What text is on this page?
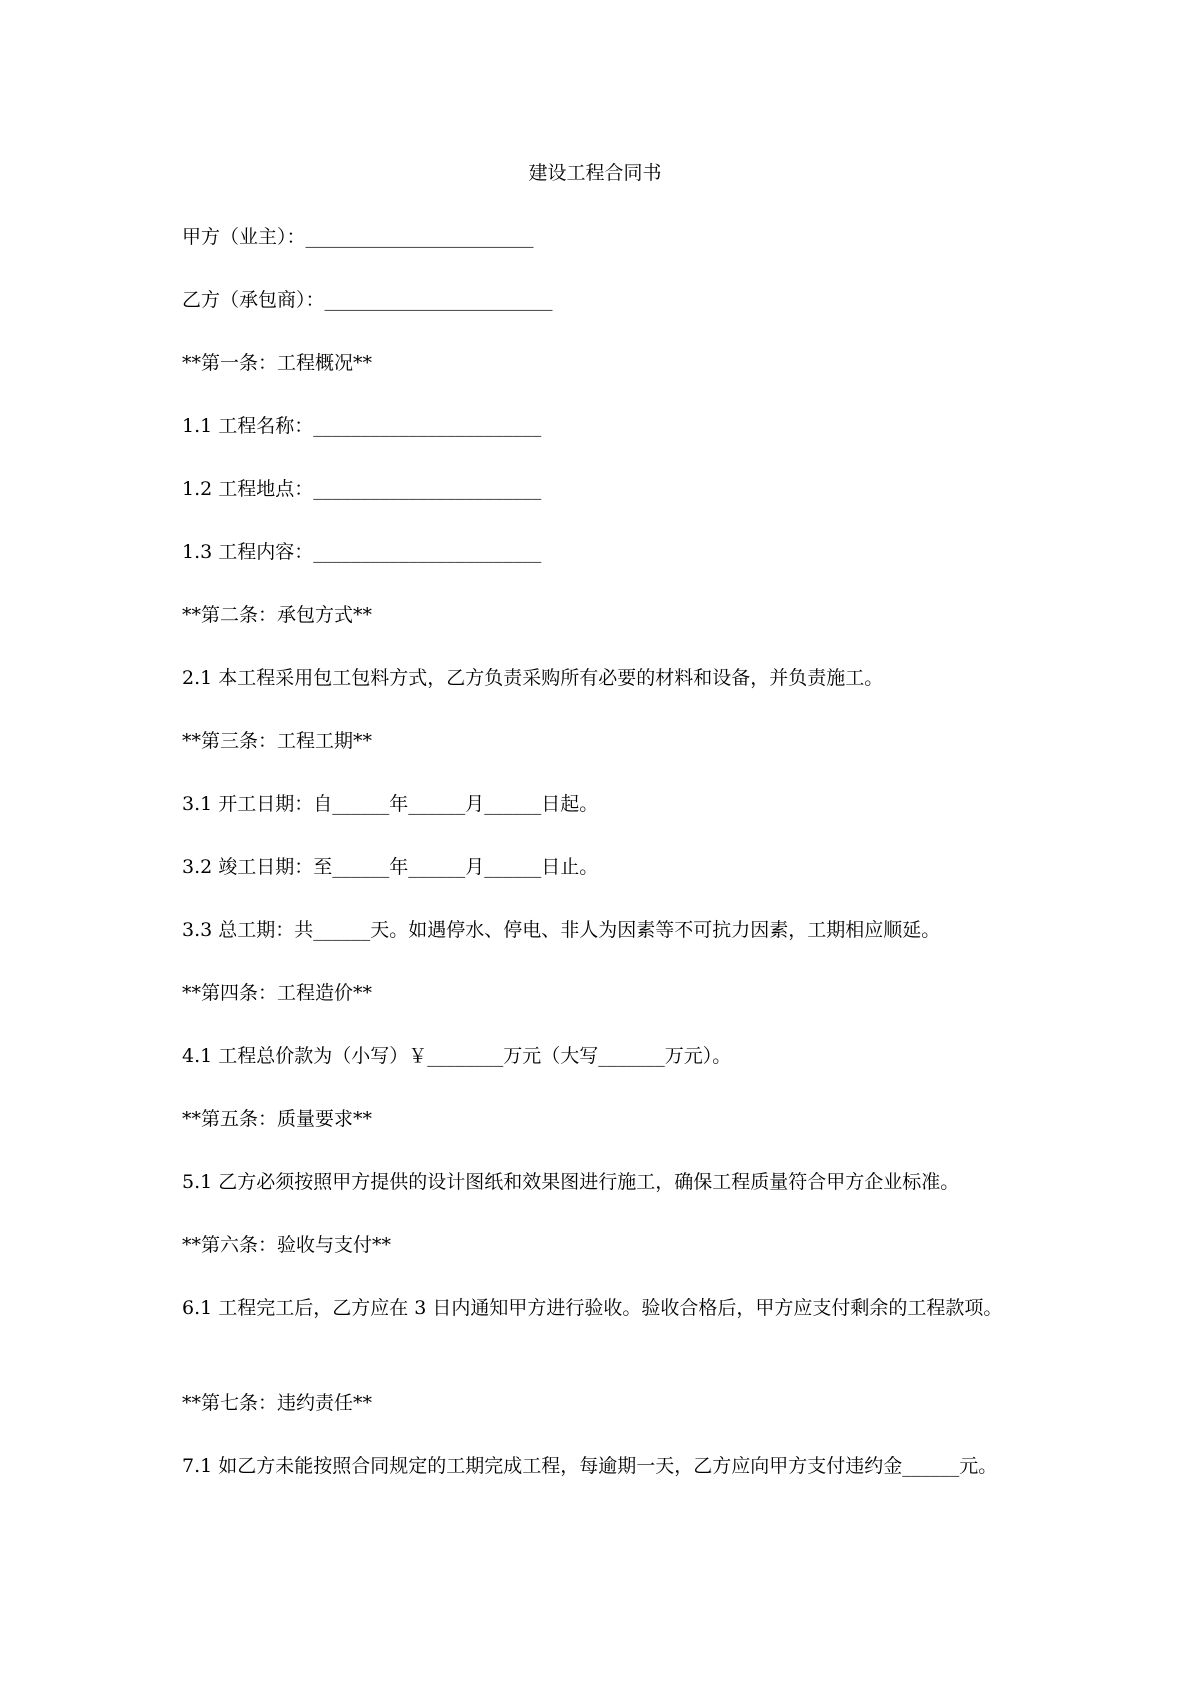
建设工程合同书
甲方（业主）：________________________
乙方（承包商）：________________________
**第一条：工程概况**
1.1 工程名称：________________________
1.2 工程地点：________________________
1.3 工程内容：________________________
**第二条：承包方式**
2.1 本工程采用包工包料方式，乙方负责采购所有必要的材料和设备，并负责施工。
**第三条：工程工期**
3.1 开工日期：自______年______月______日起。
3.2 竣工日期：至______年______月______日止。
3.3 总工期：共______天。如遇停水、停电、非人为因素等不可抗力因素，工期相应顺延。
**第四条：工程造价**
4.1 工程总价款为（小写）￥________万元（大写_______万元）。
**第五条：质量要求**
5.1 乙方必须按照甲方提供的设计图纸和效果图进行施工，确保工程质量符合甲方企业标准。
**第六条：验收与支付**
6.1 工程完工后，乙方应在 3 日内通知甲方进行验收。验收合格后，甲方应支付剩余的工程款项。
**第七条：违约责任**
7.1 如乙方未能按照合同规定的工期完成工程，每逾期一天，乙方应向甲方支付违约金______元。
